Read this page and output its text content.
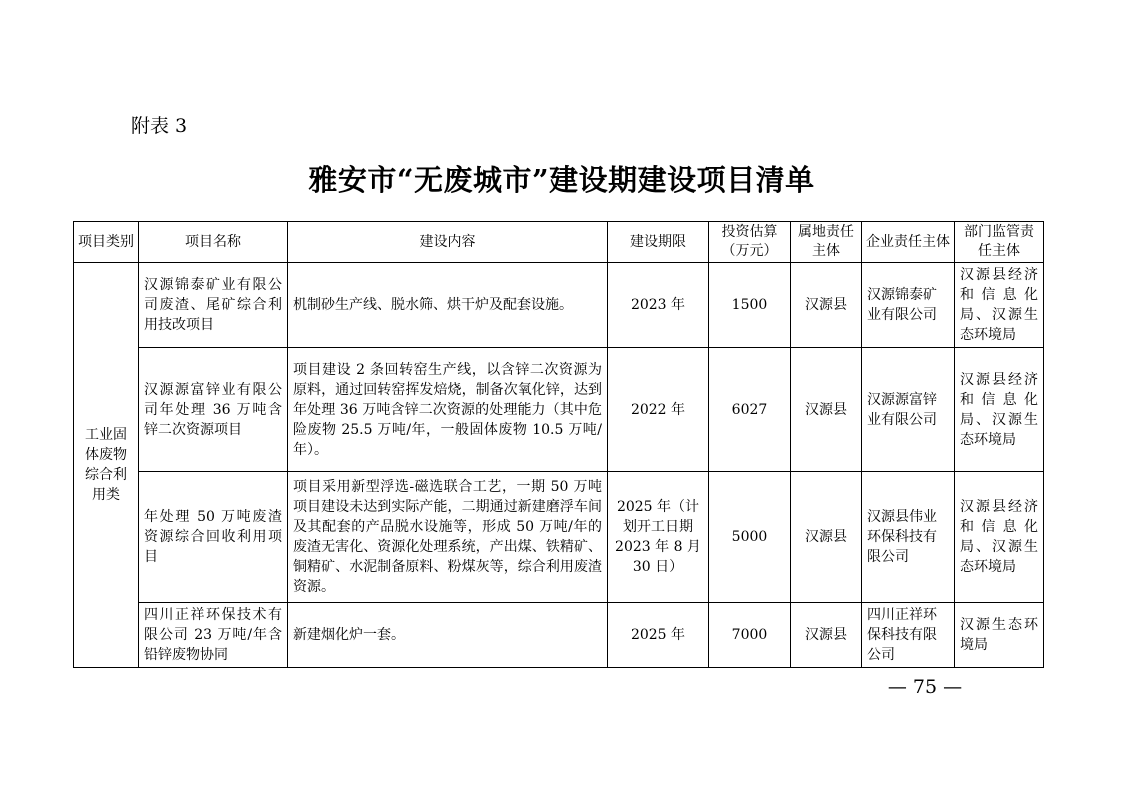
附表 3
雅安市“无废城市”建设期建设项目清单
项目类别	项目名称	建设内容	建设期限	投资估算（万元）	属地责任主体	企业责任主体	部门监管责任主体
工业固体废物综合利用类	汉源锦泰矿业有限公司废渣、尾矿综合利用技改项目	机制砂生产线、脱水筛、烘干炉及配套设施。	2023 年	1500	汉源县	汉源锦泰矿业有限公司	汉源县经济和信息化局、汉源生态环境局
	汉源源富锌业有限公司年处理 36 万吨含锌二次资源项目	项目建设 2 条回转窑生产线，以含锌二次资源为原料，通过回转窑挥发焙烧，制备次氧化锌，达到年处理 36 万吨含锌二次资源的处理能力（其中危险废物 25.5 万吨/年，一般固体废物 10.5 万吨/年）。	2022 年	6027	汉源县	汉源源富锌业有限公司	汉源县经济和信息化局、汉源生态环境局
	年处理 50 万吨废渣资源综合回收利用项目	项目采用新型浮选-磁选联合工艺，一期 50 万吨项目建设未达到实际产能，二期通过新建磨浮车间及其配套的产品脱水设施等，形成 50 万吨/年的废渣无害化、资源化处理系统，产出煤、铁精矿、铜精矿、水泥制备原料、粉煤灰等，综合利用废渣资源。	2025 年（计划开工日期 2023 年 8 月 30 日）	5000	汉源县	汉源县伟业环保科技有限公司	汉源县经济和信息化局、汉源生态环境局
	四川正祥环保技术有限公司 23 万吨/年含铅锌废物协同	新建烟化炉一套。	2025 年	7000	汉源县	四川正祥环保科技有限公司	汉源生态环境局
— 75 —
